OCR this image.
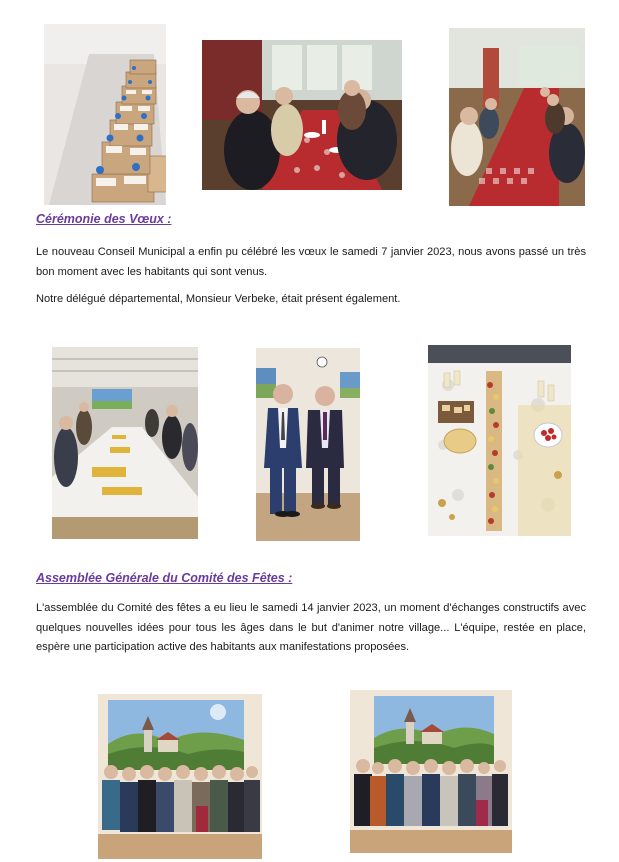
Cérémonie des Vœux :

Le nouveau Conseil Municipal a enfin pu célébré les vœux le samedi 7 janvier 2023, nous avons passé un très bon moment avec les habitants qui sont venus.

Notre délégué départemental, Monsieur Verbeke, était présent également.

Assemblée Générale du Comité des Fêtes :

L'assemblée du Comité des fêtes a eu lieu le samedi 14 janvier 2023, un moment d'échanges constructifs avec quelques nouvelles idées pour tous les âges dans le but d'animer notre village... L'équipe, restée en place, espère une participation active des habitants aux manifestations proposées.
